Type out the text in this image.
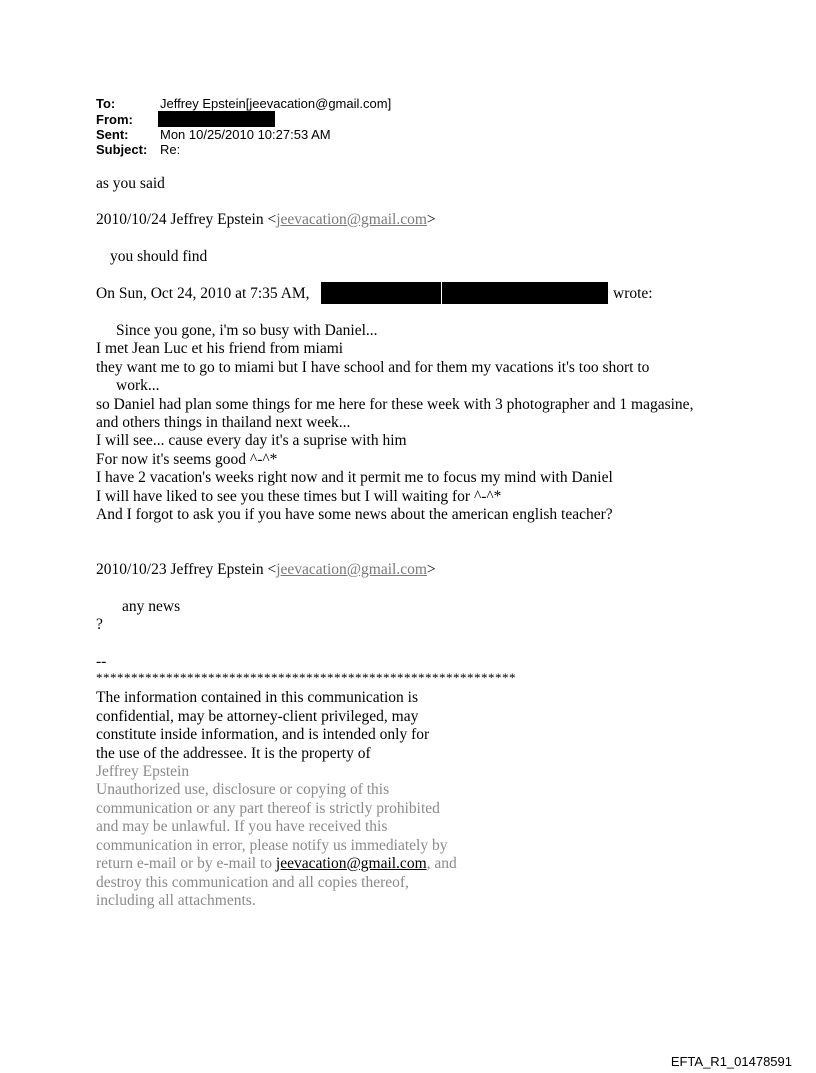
To:	Jeffrey Epstein[jeevacation@gmail.com]
From:
Sent: Mon 10/25/2010 10:27:53 AM
Subject: Re:
as you said
2010/10/24 Jeffrey Epstein <jeevacation@gmail.com>
you should find
On Sun, Oct 24, 2010 at 7:35 AM,	wrote:
Since you gone, i'm so busy with Daniel...
I met Jean Luc et his friend from miami
they want me to go to miami but I have school and for them my vacations it's too short to
work...
so Daniel had plan some things for me here for these week with 3 photographer and 1 magasine,
and others things in thailand next week...
I will see... cause every day it's a suprise with him
For now it's seems good ^-^*
I have 2 vacation's weeks right now and it permit me to focus my mind with Daniel
I will have liked to see you these times but I will waiting for ^-^*
And I forgot to ask you if you have some news about the american english teacher?
2010/10/23 Jeffrey Epstein <jeevacation@gmail.com>
any news
?
--
************************************************************
The information contained in this communication is
confidential, may be attorney-client privileged, may
constitute inside information, and is intended only for
the use of the addressee. It is the property of
Jeffrey Epstein
Unauthorized use, disclosure or copying of this
communication or any part thereof is strictly prohibited
and may be unlawful. If you have received this
communication in error, please notify us immediately by
return e-mail or by e-mail to jeevacation@gmail.com, and
destroy this communication and all copies thereof,
including all attachments.
EFTA_R1_01478591
